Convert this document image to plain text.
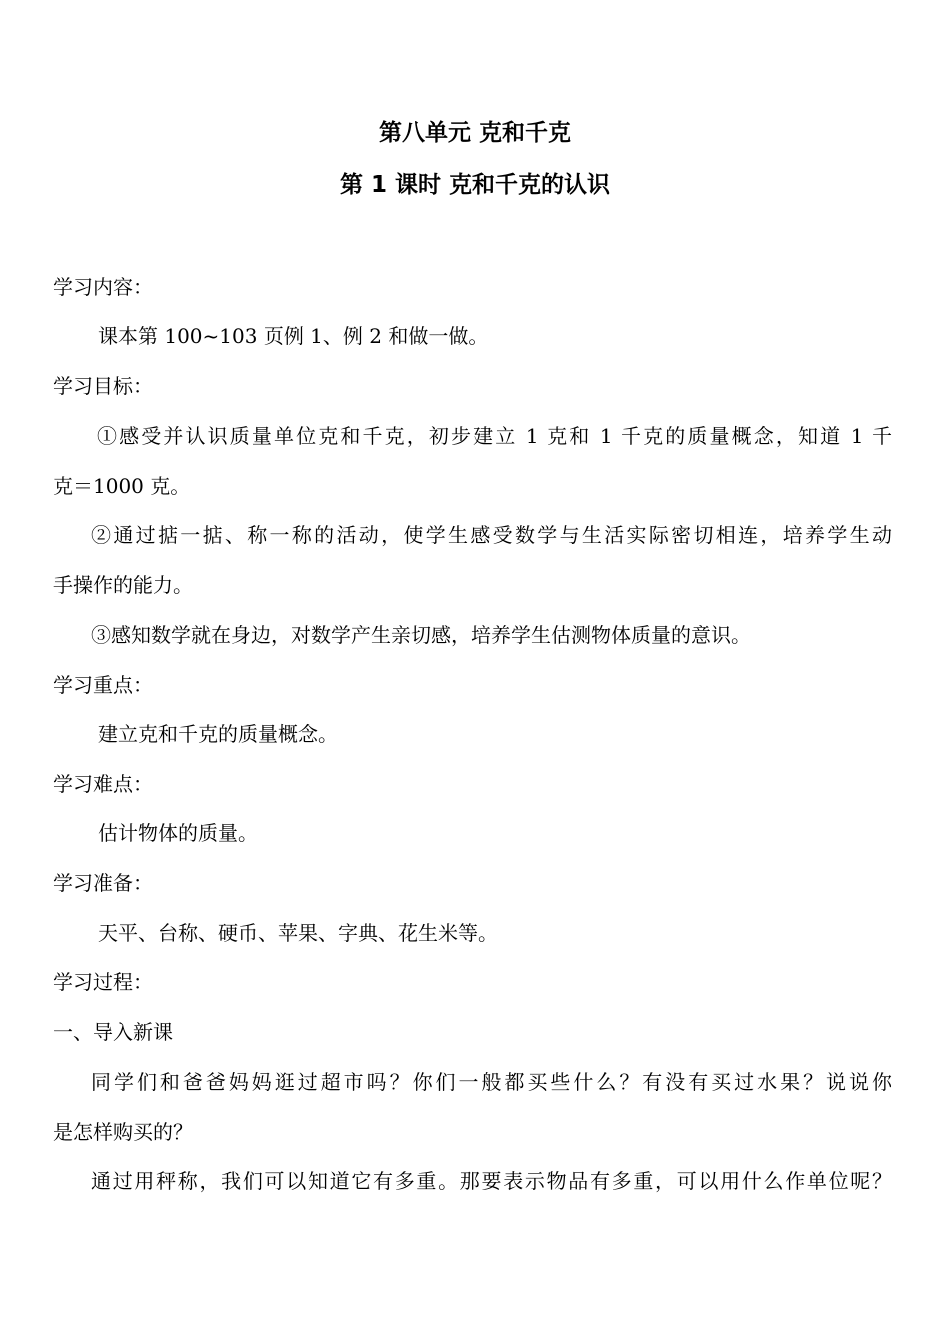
第八单元 克和千克
第 1 课时 克和千克的认识
学习内容：
课本第 100~103 页例 1、例 2 和做一做。
学习目标：
①感受并认识质量单位克和千克，初步建立 1 克和 1 千克的质量概念，知道 1 千
克＝1000 克。
②通过掂一掂、称一称的活动，使学生感受数学与生活实际密切相连，培养学生动
手操作的能力。
③感知数学就在身边，对数学产生亲切感，培养学生估测物体质量的意识。
学习重点：
建立克和千克的质量概念。
学习难点：
估计物体的质量。
学习准备：
天平、台称、硬币、苹果、字典、花生米等。
学习过程：
一、导入新课
同学们和爸爸妈妈逛过超市吗？你们一般都买些什么？有没有买过水果？说说你
是怎样购买的？
通过用秤称，我们可以知道它有多重。那要表示物品有多重，可以用什么作单位呢？
